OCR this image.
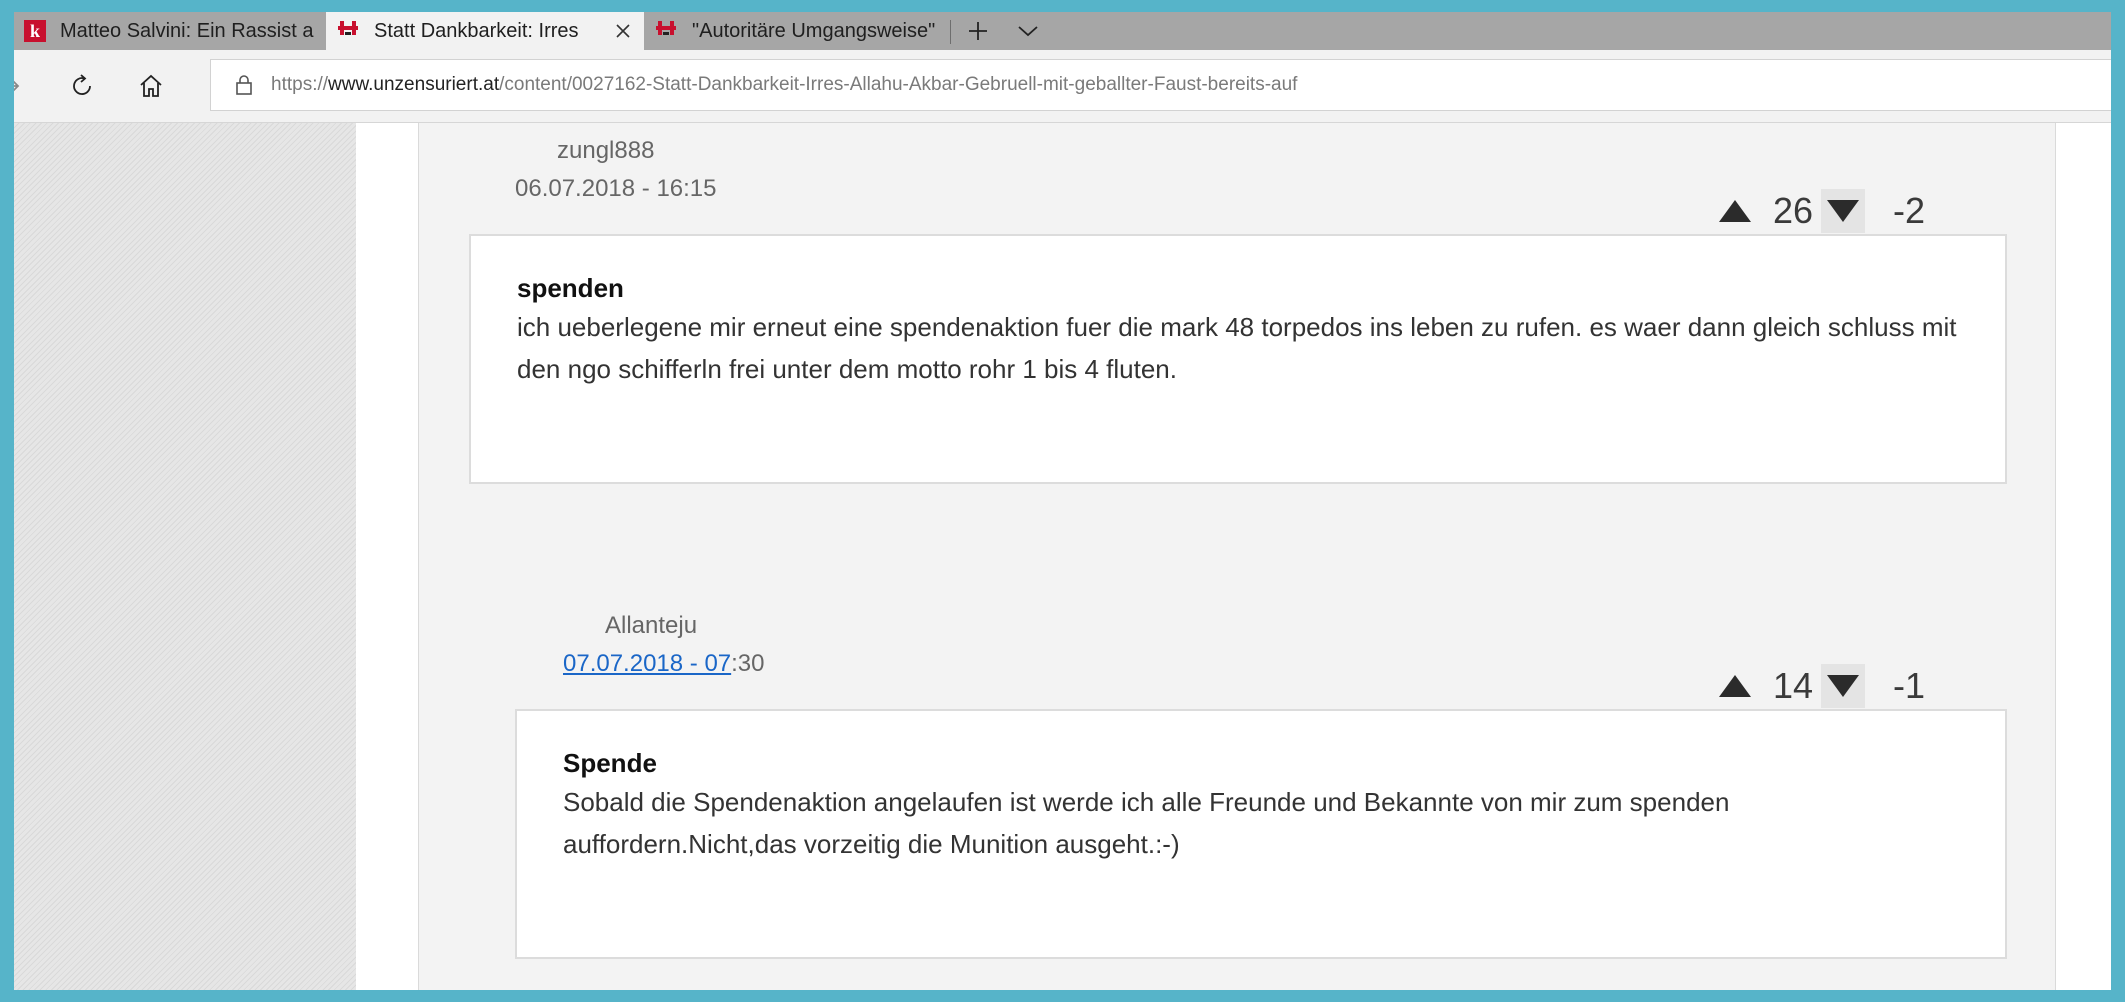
k	Matteo Salvini: Ein Rassist a	Statt Dankbarkeit: Irres	"Autoritäre Umgangsweise"
https://www.unzensuriert.at/content/0027162-Statt-Dankbarkeit-Irres-Allahu-Akbar-Gebruell-mit-geballter-Faust-bereits-auf
zungl888
06.07.2018 - 16:15
26 -2
spenden
ich ueberlegene mir erneut eine spendenaktion fuer die mark 48 torpedos ins leben zu rufen. es waer dann gleich schluss mit den ngo schifferln frei unter dem motto rohr 1 bis 4 fluten.
Allanteju
07.07.2018 - 07:30
14 -1
Spende
Sobald die Spendenaktion angelaufen ist werde ich alle Freunde und Bekannte von mir zum spenden auffordern.Nicht,das vorzeitig die Munition ausgeht.:-)
